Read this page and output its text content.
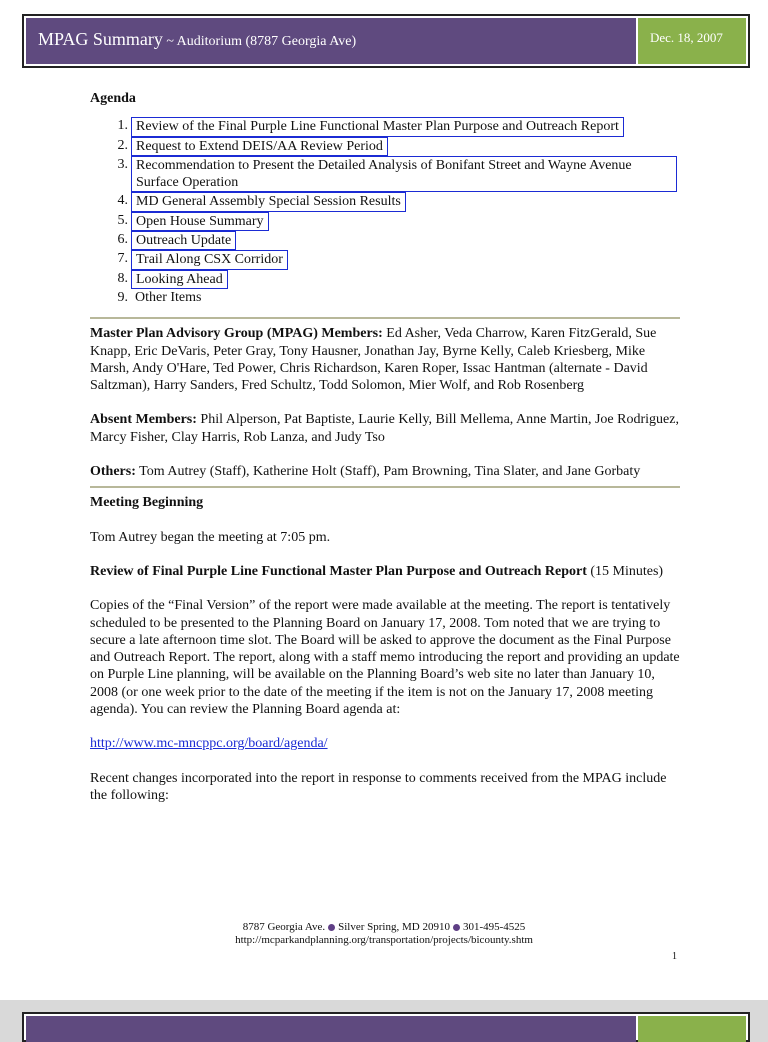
MPAG Summary ~ Auditorium (8787 Georgia Ave)	Dec. 18, 2007
Agenda
1. Review of the Final Purple Line Functional Master Plan Purpose and Outreach Report
2. Request to Extend DEIS/AA Review Period
3. Recommendation to Present the Detailed Analysis of Bonifant Street and Wayne Avenue Surface Operation
4. MD General Assembly Special Session Results
5. Open House Summary
6. Outreach Update
7. Trail Along CSX Corridor
8. Looking Ahead
9. Other Items

Master Plan Advisory Group (MPAG) Members: Ed Asher, Veda Charrow, Karen FitzGerald, Sue Knapp, Eric DeVaris, Peter Gray, Tony Hausner, Jonathan Jay, Byrne Kelly, Caleb Kriesberg, Mike Marsh, Andy O'Hare, Ted Power, Chris Richardson, Karen Roper, Issac Hantman (alternate - David Saltzman), Harry Sanders, Fred Schultz, Todd Solomon, Mier Wolf, and Rob Rosenberg

Absent Members: Phil Alperson, Pat Baptiste, Laurie Kelly, Bill Mellema, Anne Martin, Joe Rodriguez, Marcy Fisher, Clay Harris, Rob Lanza, and Judy Tso

Others: Tom Autrey (Staff), Katherine Holt (Staff), Pam Browning, Tina Slater, and Jane Gorbaty

Meeting Beginning

Tom Autrey began the meeting at 7:05 pm.

Review of Final Purple Line Functional Master Plan Purpose and Outreach Report (15 Minutes)

Copies of the “Final Version” of the report were made available at the meeting. The report is tentatively scheduled to be presented to the Planning Board on January 17, 2008. Tom noted that we are trying to secure a late afternoon time slot. The Board will be asked to approve the document as the Final Purpose and Outreach Report. The report, along with a staff memo introducing the report and providing an update on Purple Line planning, will be available on the Planning Board’s web site no later than January 10, 2008 (or one week prior to the date of the meeting if the item is not on the January 17, 2008 meeting agenda). You can review the Planning Board agenda at:

http://www.mc-mncppc.org/board/agenda/

Recent changes incorporated into the report in response to comments received from the MPAG include the following:

8787 Georgia Ave. Silver Spring, MD 20910 301-495-4525
http://mcparkandplanning.org/transportation/projects/bicounty.shtm
1
